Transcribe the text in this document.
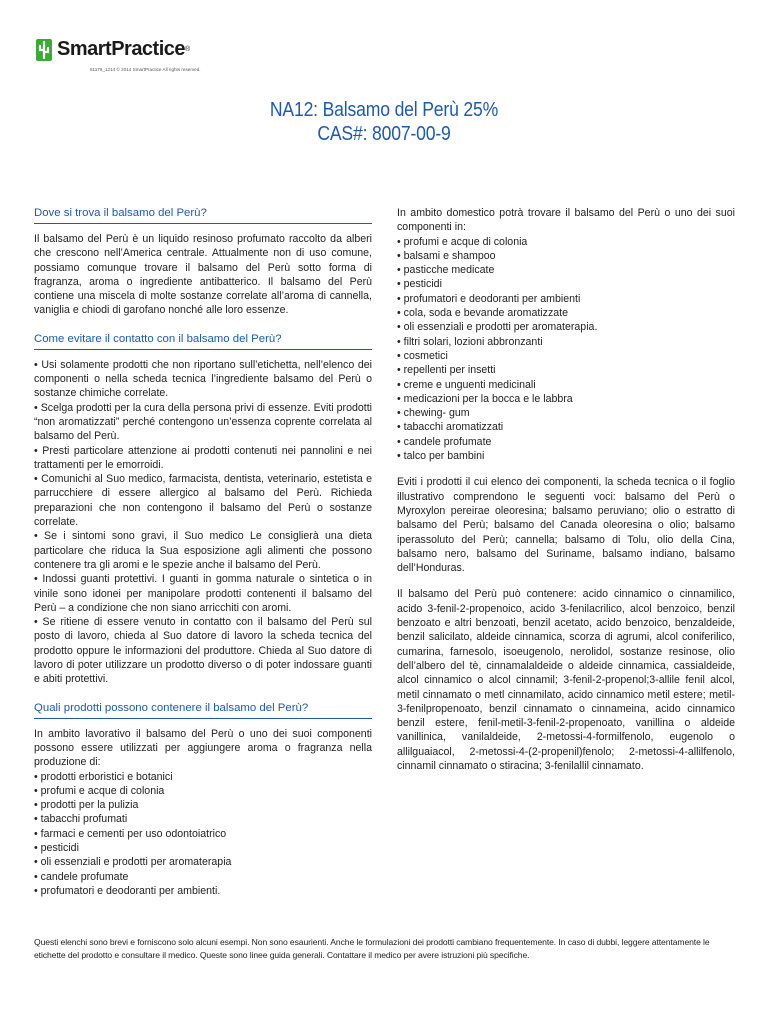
SmartPractice ®
81178_1214 © 2014 SmartPractice All rights reserved.
NA12: Balsamo del Perù 25%
CAS#: 8007-00-9
Dove si trova il balsamo del Perù?

Il balsamo del Perù è un liquido resinoso profumato raccolto da alberi che crescono nell’America centrale. Attualmente non di uso comune, possiamo comunque trovare il balsamo del Perù sotto forma di fragranza, aroma o ingrediente antibatterico. Il balsamo del Perù contiene una miscela di molte sostanze correlate all’aroma di cannella, vaniglia e chiodi di garofano nonché alle loro essenze.

Come evitare il contatto con il balsamo del Perù?
• Usi solamente prodotti che non riportano sull’etichetta, nell’elenco dei componenti o nella scheda tecnica l’ingrediente balsamo del Perù o sostanze chimiche correlate.
• Scelga prodotti per la cura della persona privi di essenze. Eviti prodotti “non aromatizzati” perché contengono un’essenza coprente correlata al balsamo del Perù.
• Presti particolare attenzione ai prodotti contenuti nei pannolini e nei trattamenti per le emorroidi.
• Comunichi al Suo medico, farmacista, dentista, veterinario, estetista e parrucchiere di essere allergico al balsamo del Perù. Richieda preparazioni che non contengono il balsamo del Perù o sostanze correlate.
• Se i sintomi sono gravi, il Suo medico Le consiglierà una dieta particolare che riduca la Sua esposizione agli alimenti che possono contenere tra gli aromi e le spezie anche il balsamo del Perù.
• Indossi guanti protettivi. I guanti in gomma naturale o sintetica o in vinile sono idonei per manipolare prodotti contenenti il balsamo del Perù – a condizione che non siano arricchiti con aromi.
• Se ritiene di essere venuto in contatto con il balsamo del Perù sul posto di lavoro, chieda al Suo datore di lavoro la scheda tecnica del prodotto oppure le informazioni del produttore. Chieda al Suo datore di lavoro di poter utilizzare un prodotto diverso o di poter indossare guanti e abiti protettivi.
Quali prodotti possono contenere il balsamo del Perù?

In ambito lavorativo il balsamo del Perù o uno dei suoi componenti possono essere utilizzati per aggiungere aroma o fragranza nella produzione di:

• prodotti erboristici e botanici
• profumi e acque di colonia
• prodotti per la pulizia
• tabacchi profumati
• farmaci e cementi per uso odontoiatrico
• pesticidi
• oli essenziali e prodotti per aromaterapia
• candele profumate
• profumatori e deodoranti per ambienti.

In ambito domestico potrà trovare il balsamo del Perù o uno dei suoi componenti in:

• profumi e acque di colonia
• balsami e shampoo
• pasticche medicate
• pesticidi
• profumatori e deodoranti per ambienti
• cola, soda e bevande aromatizzate
• oli essenziali e prodotti per aromaterapia.
• filtri solari, lozioni abbronzanti
• cosmetici
• repellenti per insetti
• creme e unguenti medicinali
• medicazioni per la bocca e le labbra
• chewing- gum
• tabacchi aromatizzati
• candele profumate
• talco per bambini

Eviti i prodotti il cui elenco dei componenti, la scheda tecnica o il foglio illustrativo comprendono le seguenti voci: balsamo del Perù o Myroxylon pereirae oleoresina; balsamo peruviano; olio o estratto di balsamo del Perù; balsamo del Canada oleoresina o olio; balsamo iperassoluto del Perù; cannella; balsamo di Tolu, olio della Cina, balsamo nero, balsamo del Suriname, balsamo indiano, balsamo dell’Honduras.

Il balsamo del Perù può contenere: acido cinnamico o cinnamilico, acido 3-fenil-2-propenoico, acido 3-fenilacrilico, alcol benzoico, benzil benzoato e altri benzoati, benzil acetato, acido benzoico, benzaldeide, benzil salicilato, aldeide cinnamica, scorza di agrumi, alcol coniferilico, cumarina, farnesolo, isoeugenolo, nerolidol, sostanze resinose, olio dell’albero del tè, cinnamalaldeide o aldeide cinnamica, cassialdeide, alcol cinnamico o alcol cinnamil; 3-fenil-2-propenol;3-allile fenil alcol, metil cinnamato o metl cinnamilato, acido cinnamico metil estere; metil-3-fenilpropenoato, benzil cinnamato o cinnameina, acido cinnamico benzil estere, fenil-metil-3-fenil-2-propenoato, vanillina o aldeide vanillinica, vanilaldeide, 2-metossi-4-formilfenolo, eugenolo o allilguaiacol, 2-metossi-4-(2-propenil)fenolo; 2-metossi-4-allilfenolo, cinnamil cinnamato o stiracina; 3-fenilallil cinnamato.

Questi elenchi sono brevi e forniscono solo alcuni esempi. Non sono esaurienti. Anche le formulazioni dei prodotti cambiano frequentemente. In caso di dubbi, leggere attentamente le etichette del prodotto e consultare il medico. Queste sono linee guida generali. Contattare il medico per avere istruzioni più specifiche.
